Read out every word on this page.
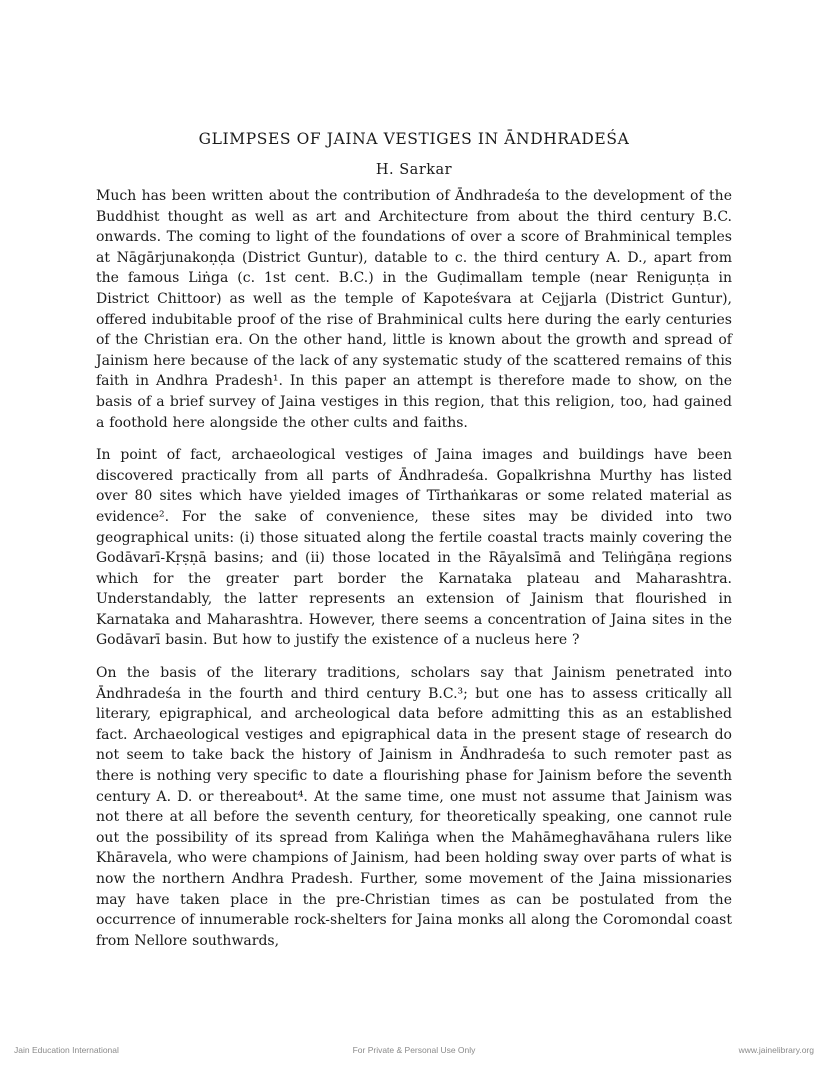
GLIMPSES OF JAINA VESTIGES IN ĀNDHRADEŚA
H. Sarkar

Much has been written about the contribution of Āndhradeśa to the development of the Buddhist thought as well as art and Architecture from about the third century B.C. onwards. The coming to light of the foundations of over a score of Brahminical temples at Nāgārjunakoṇḍa (District Guntur), datable to c. the third century A. D., apart from the famous Liṅga (c. 1st cent. B.C.) in the Guḍimallam temple (near Reniguṇṭa in District Chittoor) as well as the temple of Kapoteśvara at Cejjarla (District Guntur), offered indubitable proof of the rise of Brahminical cults here during the early centuries of the Christian era. On the other hand, little is known about the growth and spread of Jainism here because of the lack of any systematic study of the scattered remains of this faith in Andhra Pradesh¹. In this paper an attempt is therefore made to show, on the basis of a brief survey of Jaina vestiges in this region, that this religion, too, had gained a foothold here alongside the other cults and faiths.

In point of fact, archaeological vestiges of Jaina images and buildings have been discovered practically from all parts of Āndhradeśa. Gopalkrishna Murthy has listed over 80 sites which have yielded images of Tīrthaṅkaras or some related material as evidence². For the sake of convenience, these sites may be divided into two geographical units: (i) those situated along the fertile coastal tracts mainly covering the Godāvarī-Kṛṣṇā basins; and (ii) those located in the Rāyalsīmā and Teliṅgāṇa regions which for the greater part border the Karnataka plateau and Maharashtra. Understandably, the latter represents an extension of Jainism that flourished in Karnataka and Maharashtra. However, there seems a concentration of Jaina sites in the Godāvarī basin. But how to justify the existence of a nucleus here ?

On the basis of the literary traditions, scholars say that Jainism penetrated into Āndhradeśa in the fourth and third century B.C.³; but one has to assess critically all literary, epigraphical, and archeological data before admitting this as an established fact. Archaeological vestiges and epigraphical data in the present stage of research do not seem to take back the history of Jainism in Āndhradeśa to such remoter past as there is nothing very specific to date a flourishing phase for Jainism before the seventh century A. D. or thereabout⁴. At the same time, one must not assume that Jainism was not there at all before the seventh century, for theoretically speaking, one cannot rule out the possibility of its spread from Kaliṅga when the Mahāmeghavāhana rulers like Khāravela, who were champions of Jainism, had been holding sway over parts of what is now the northern Andhra Pradesh. Further, some movement of the Jaina missionaries may have taken place in the pre-Christian times as can be postulated from the occurrence of innumerable rock-shelters for Jaina monks all along the Coromondal coast from Nellore southwards,

Jain Education International	For Private & Personal Use Only	www.jainelibrary.org
